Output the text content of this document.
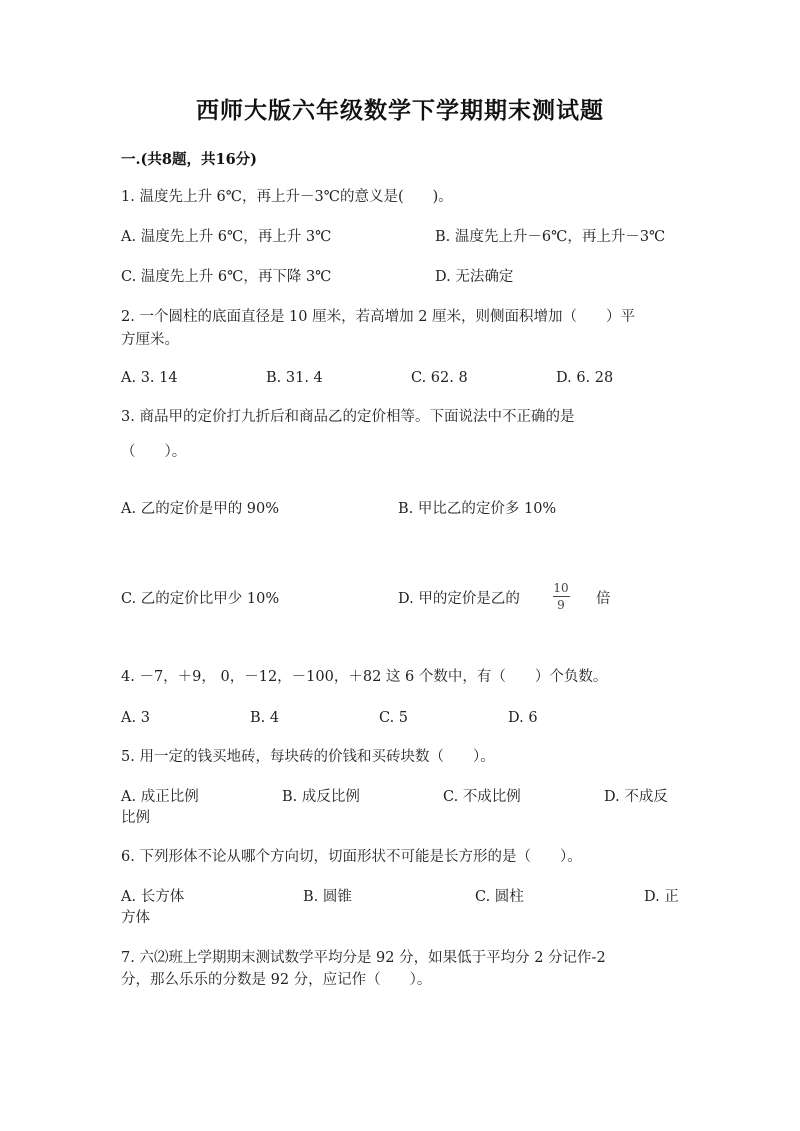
西师大版六年级数学下学期期末测试题
一.(共8题，共16分)
1. 温度先上升 6℃，再上升－3℃的意义是(　　)。
A. 温度先上升 6℃，再上升 3℃	B. 温度先上升－6℃，再上升－3℃
C. 温度先上升 6℃，再下降 3℃	D. 无法确定
2. 一个圆柱的底面直径是 10 厘米，若高增加 2 厘米，则侧面积增加（　　）平
方厘米。
A. 3. 14	B. 31. 4	C. 62. 8	D. 6. 28
3. 商品甲的定价打九折后和商品乙的定价相等。下面说法中不正确的是
（　　）。
A. 乙的定价是甲的 90%	B. 甲比乙的定价多 10%
C. 乙的定价比甲少 10%	D. 甲的定价是乙的
10
9 倍
4. －7，＋9， 0，－12，－100，＋82 这 6 个数中，有（　　）个负数。
A. 3	B. 4	C. 5	D. 6
5. 用一定的钱买地砖，每块砖的价钱和买砖块数（　　）。
A. 成正比例	B. 成反比例	C. 不成比例	D. 不成反
比例
6. 下列形体不论从哪个方向切，切面形状不可能是长方形的是（　　）。
A. 长方体	B. 圆锥	C. 圆柱	D. 正
方体
7. 六⑵班上学期期末测试数学平均分是 92 分，如果低于平均分 2 分记作-2
分，那么乐乐的分数是 92 分，应记作（　　）。
